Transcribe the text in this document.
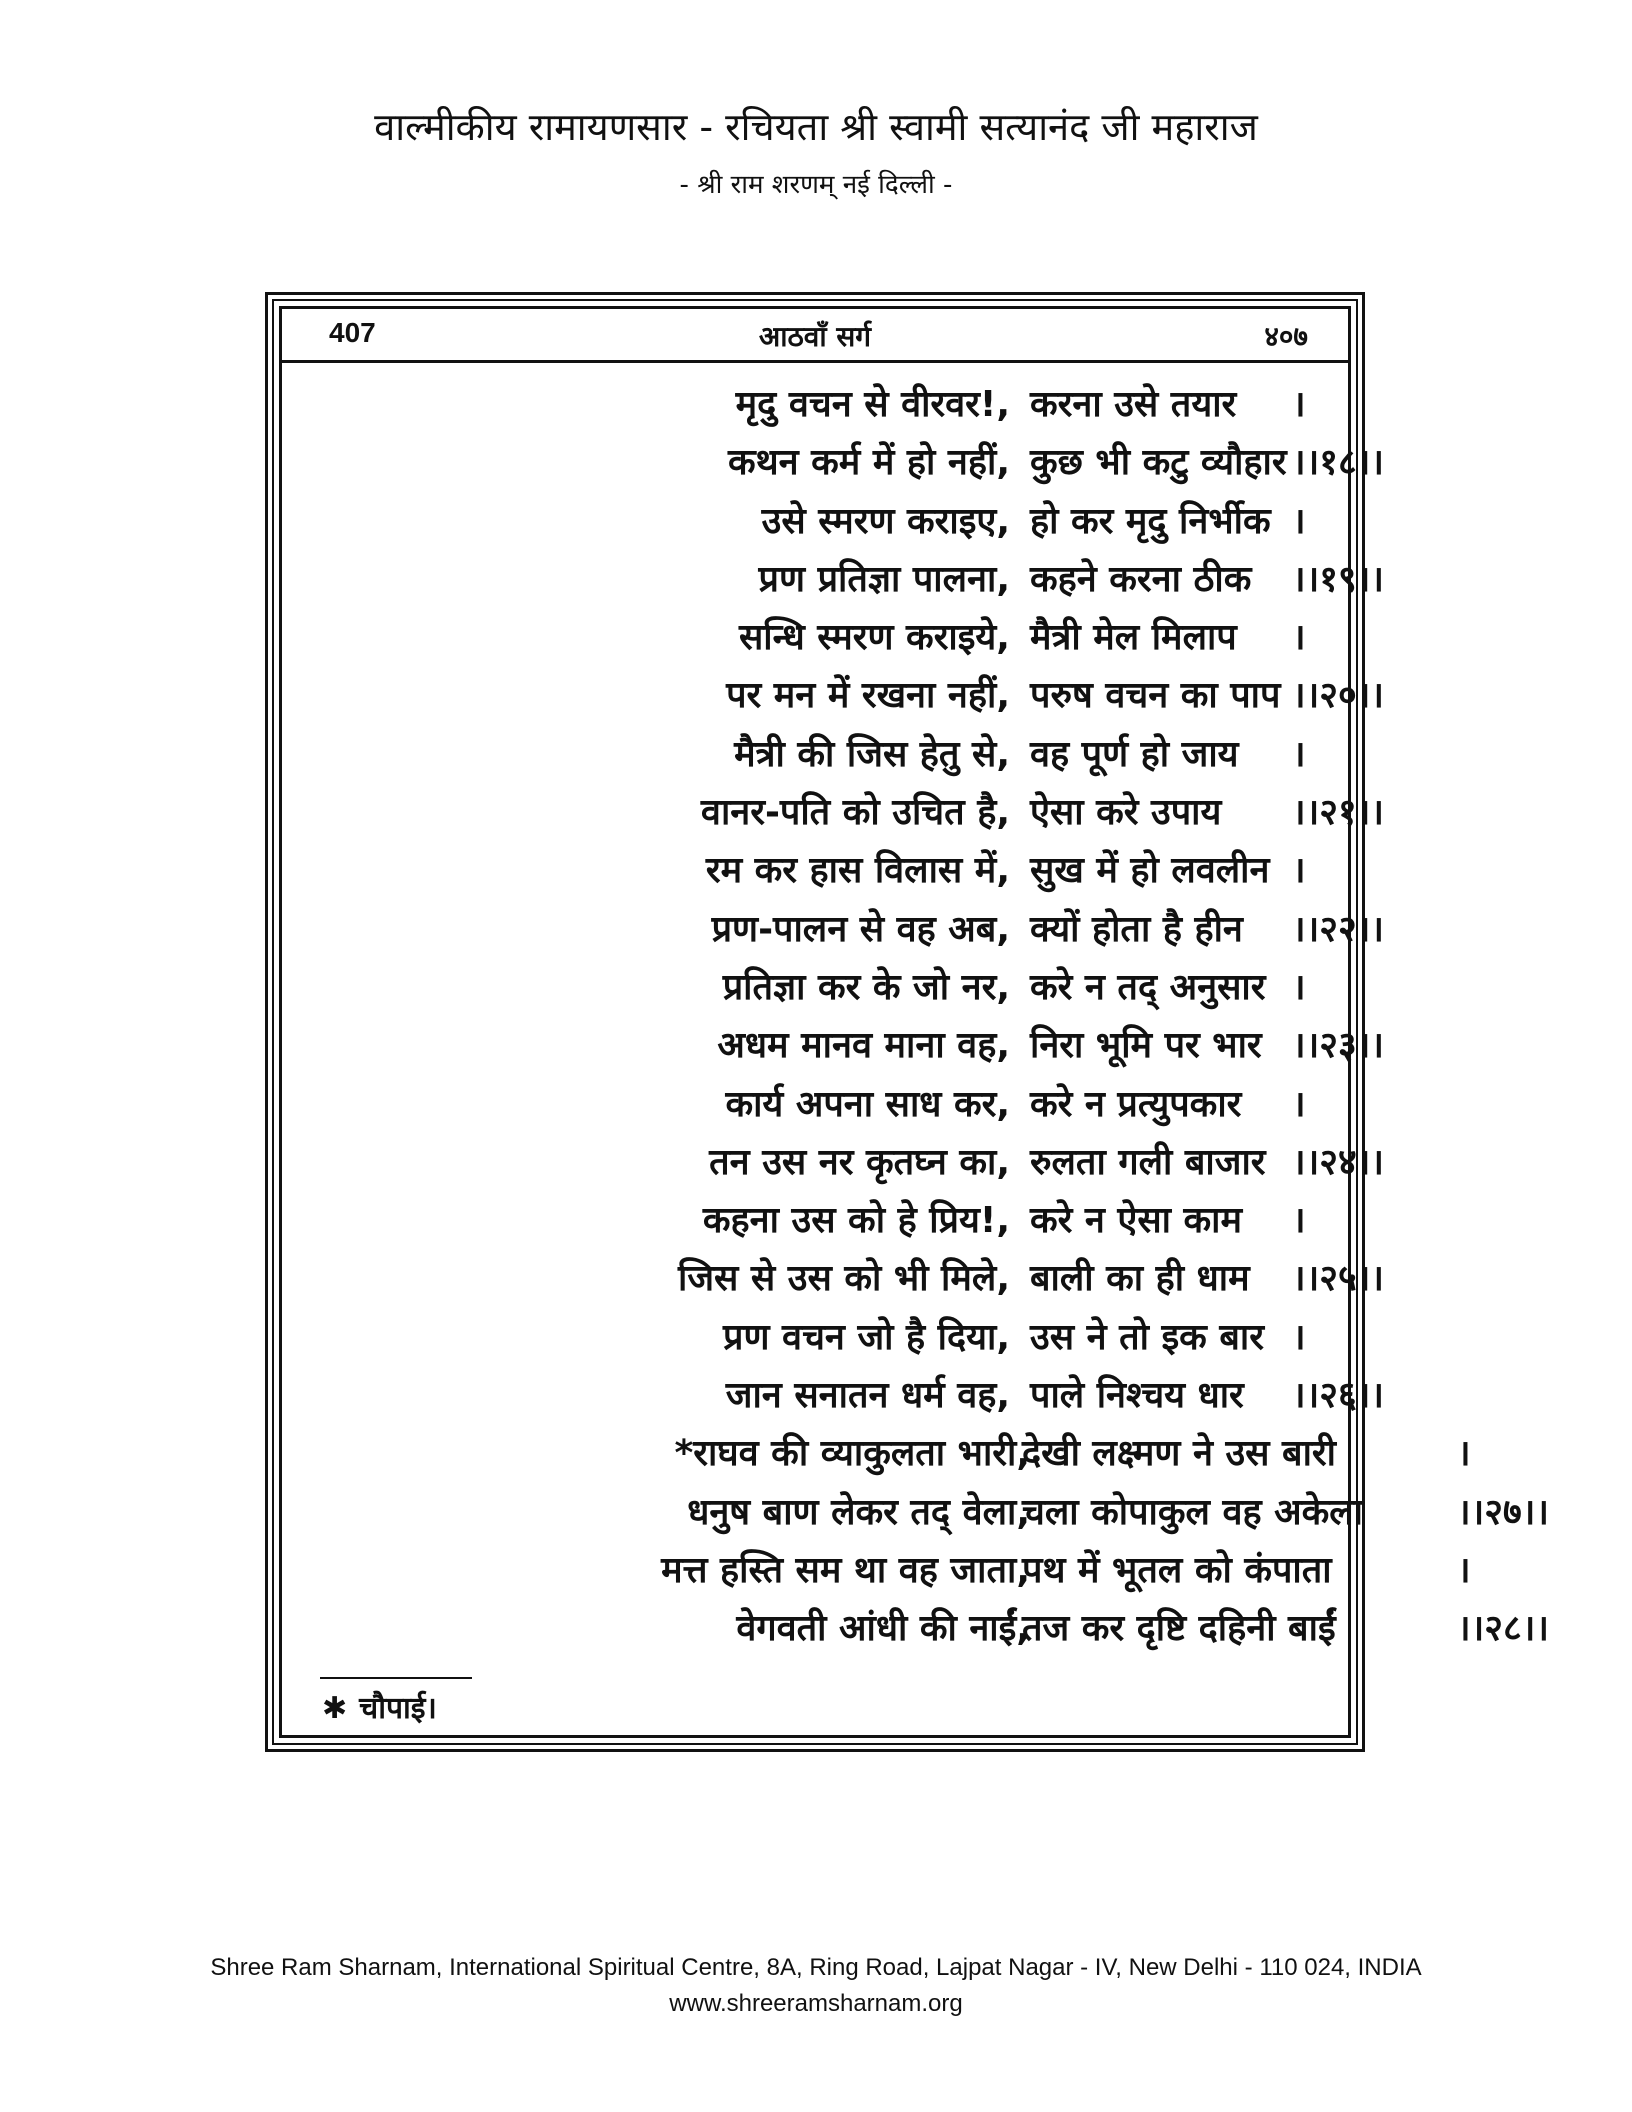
वाल्मीकीय रामायणसार - रचियता श्री स्वामी सत्यानंद जी महाराज
- श्री राम शरणम् नई दिल्ली -
407	आठवाँ सर्ग	४०७
मृदु वचन से वीरवर!, करना उसे तयार ।
कथन कर्म में हो नहीं, कुछ भी कटु व्यौहार ।।१८।।
उसे स्मरण कराइए, हो कर मृदु निर्भीक ।
प्रण प्रतिज्ञा पालना, कहने करना ठीक ।।१९।।
सन्धि स्मरण कराइये, मैत्री मेल मिलाप ।
पर मन में रखना नहीं, परुष वचन का पाप ।।२०।।
मैत्री की जिस हेतु से, वह पूर्ण हो जाय ।
वानर-पति को उचित है, ऐसा करे उपाय ।।२१।।
रम कर हास विलास में, सुख में हो लवलीन ।
प्रण-पालन से वह अब, क्यों होता है हीन ।।२२।।
प्रतिज्ञा कर के जो नर, करे न तद् अनुसार ।
अधम मानव माना वह, निरा भूमि पर भार ।।२३।।
कार्य अपना साध कर, करे न प्रत्युपकार ।
तन उस नर कृतघ्न का, रुलता गली बाजार ।।२४।।
कहना उस को हे प्रिय!, करे न ऐसा काम ।
जिस से उस को भी मिले, बाली का ही धाम ।।२५।।
प्रण वचन जो है दिया, उस ने तो इक बार ।
जान सनातन धर्म वह, पाले निश्चय धार ।।२६।।
*राघव की व्याकुलता भारी,
देखी लक्ष्मण ने उस बारी	।
धनुष बाण लेकर तद् वेला,
चला कोपाकुल वह अकेला	।।२७।।
मत्त हस्ति सम था वह जाता,
पथ में भूतल को कंपाता	।
वेगवती आंधी की नाईं,
तज कर दृष्टि दहिनी बाईं	।।२८।।
✱ चौपाई।
Shree Ram Sharnam, International Spiritual Centre, 8A, Ring Road, Lajpat Nagar - IV, New Delhi - 110 024, INDIA
www.shreeramsharnam.org
